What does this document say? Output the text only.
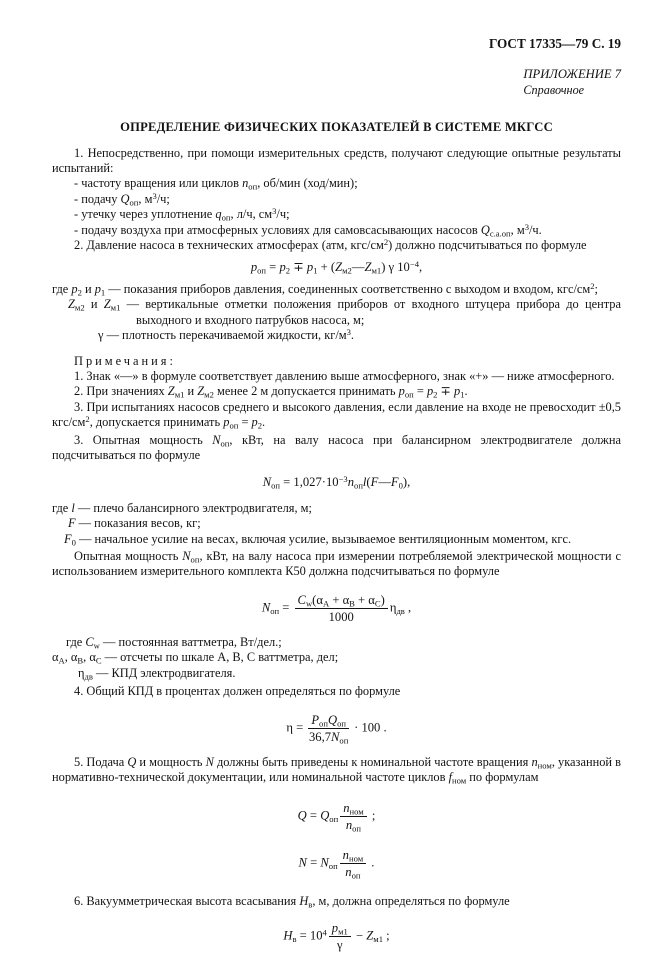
ГОСТ 17335—79 С. 19
ПРИЛОЖЕНИЕ 7
Справочное
ОПРЕДЕЛЕНИЕ ФИЗИЧЕСКИХ ПОКАЗАТЕЛЕЙ В СИСТЕМЕ МКГСС

1. Непосредственно, при помощи измерительных средств, получают следующие опытные результаты испытаний:

- частоту вращения или циклов $n_{оп}$, об/мин (ход/мин);

- подачу $Q_{оп}$, $м^3/ч$;

- утечку через уплотнение $q_{оп}$, л/ч, $см^3/ч$;

- подачу воздуха при атмосферных условиях для самовсасывающих насосов $Q_{с.а.оп}$, $м^3/ч$.

2. Давление насоса в технических атмосферах (атм, кгс/$см^2$) должно подсчитываться по формуле

$p_{оп} = p_2 \mp p_1$ + $(Z_{м2}—Z_{м1})$ γ $10^{-4}$,

где $p_2$ и $p_1$ — показания приборов давления, соединенных соответственно с выходом и входом, кгс/$см^2$;

$Z_{м2}$ и $Z_{м1}$ — вертикальные отметки положения приборов от входного штуцера прибора до центра выходного и входного патрубков насоса, м;

γ — плотность перекачиваемой жидкости, $кг/м^3$.

Примечания:

1. Знак «—» в формуле соответствует давлению выше атмосферного, знак «+» — ниже атмосферного.

2. При значениях $Z_{м1}$ и $Z_{м2}$ менее 2 м допускается принимать $p_{оп} = p_2 \mp p_1$.

3. При испытаниях насосов среднего и высокого давления, если давление на входе не превосходит ±0,5 кгс/$см^2$, допускается принимать $p_{оп} = p_2$.

3. Опытная мощность $N_{оп}$, кВт, на валу насоса при балансирном электродвигателе должна подсчитываться по формуле

$N_{оп}$ = $1,027\cdot 10^{-3}n_{оп}l(F—F_0)$,

где l — плечо балансирного электродвигателя, м;

F — показания весов, кг;

$F_0$ — начальное усилие на весах, включая усилие, вызываемое вентиляционным моментом, кгс.

Опытная мощность $N_{оп}$, кВт, на валу насоса при измерении потребляемой электрической мощности с использованием измерительного комплекта К50 должна подсчитываться по формуле

$N_{оп} = \frac{C_w(\alpha_А + \alpha_В + \alpha_С)}{1000} \eta_{дв}$ ,

где $C_w$ — постоянная ваттметра, Вт/дел.;

$\alpha_А$, $\alpha_В$, $\alpha_С$ — отсчеты по шкале А, В, С ваттметра, дел;

$\eta_{дв}$ — КПД электродвигателя.

4. Общий КПД в процентах должен определяться по формуле

$\eta = \frac{P_{оп}Q_{оп}}{36,7N_{оп}} \cdot 100$ .

5. Подача Q и мощность N должны быть приведены к номинальной частоте вращения $n_{ном}$, указанной в нормативно-технической документации, или номинальной частоте циклов $f_{ном}$ по формулам

$Q = Q_{оп} \frac{n_{ном}}{n_{оп}}$ ;
$N = N_{оп} \frac{n_{ном}}{n_{оп}}$ .

6. Вакуумметрическая высота всасывания $H_в$, м, должна определяться по формуле

$H_в = 10^4 \frac{p_{м1}}{\gamma} - Z_{м1}$ ;
